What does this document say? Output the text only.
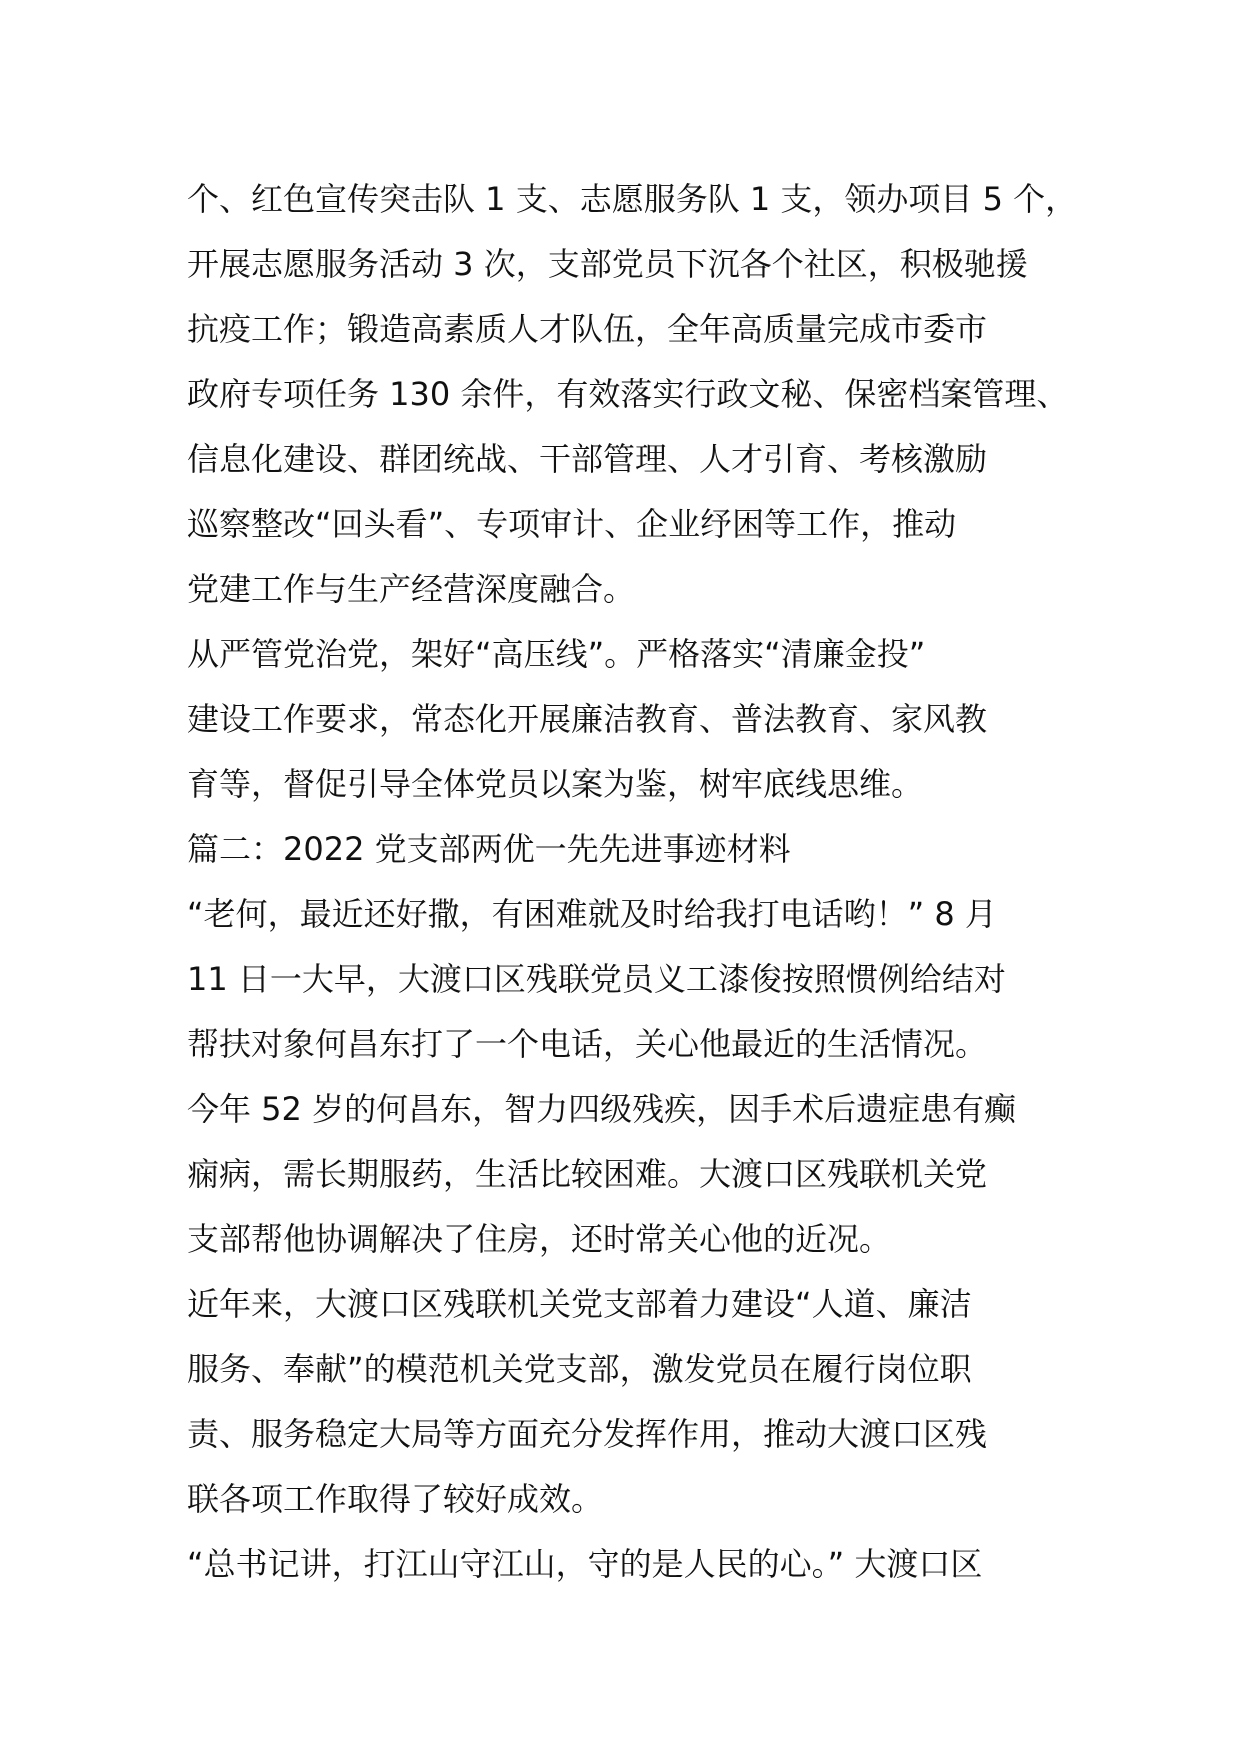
个、红色宣传突击队 1 支、志愿服务队 1 支，领办项目 5 个，
开展志愿服务活动 3 次，支部党员下沉各个社区，积极驰援
抗疫工作；锻造高素质人才队伍，全年高质量完成市委市
政府专项任务 130 余件，有效落实行政文秘、保密档案管理、
信息化建设、群团统战、干部管理、人才引育、考核激励
巡察整改“回头看”、专项审计、企业纾困等工作，推动
党建工作与生产经营深度融合。
从严管党治党，架好“高压线”。严格落实“清廉金投”
建设工作要求，常态化开展廉洁教育、普法教育、家风教
育等，督促引导全体党员以案为鉴，树牢底线思维。
篇二：2022 党支部两优一先先进事迹材料
“老何，最近还好撒，有困难就及时给我打电话哟！” 8 月
11 日一大早，大渡口区残联党员义工漆俊按照惯例给结对
帮扶对象何昌东打了一个电话，关心他最近的生活情况。
今年 52 岁的何昌东，智力四级残疾，因手术后遗症患有癫
痫病，需长期服药，生活比较困难。大渡口区残联机关党
支部帮他协调解决了住房，还时常关心他的近况。
近年来，大渡口区残联机关党支部着力建设“人道、廉洁
服务、奉献”的模范机关党支部，激发党员在履行岗位职
责、服务稳定大局等方面充分发挥作用，推动大渡口区残
联各项工作取得了较好成效。
“总书记讲，打江山守江山，守的是人民的心。” 大渡口区
